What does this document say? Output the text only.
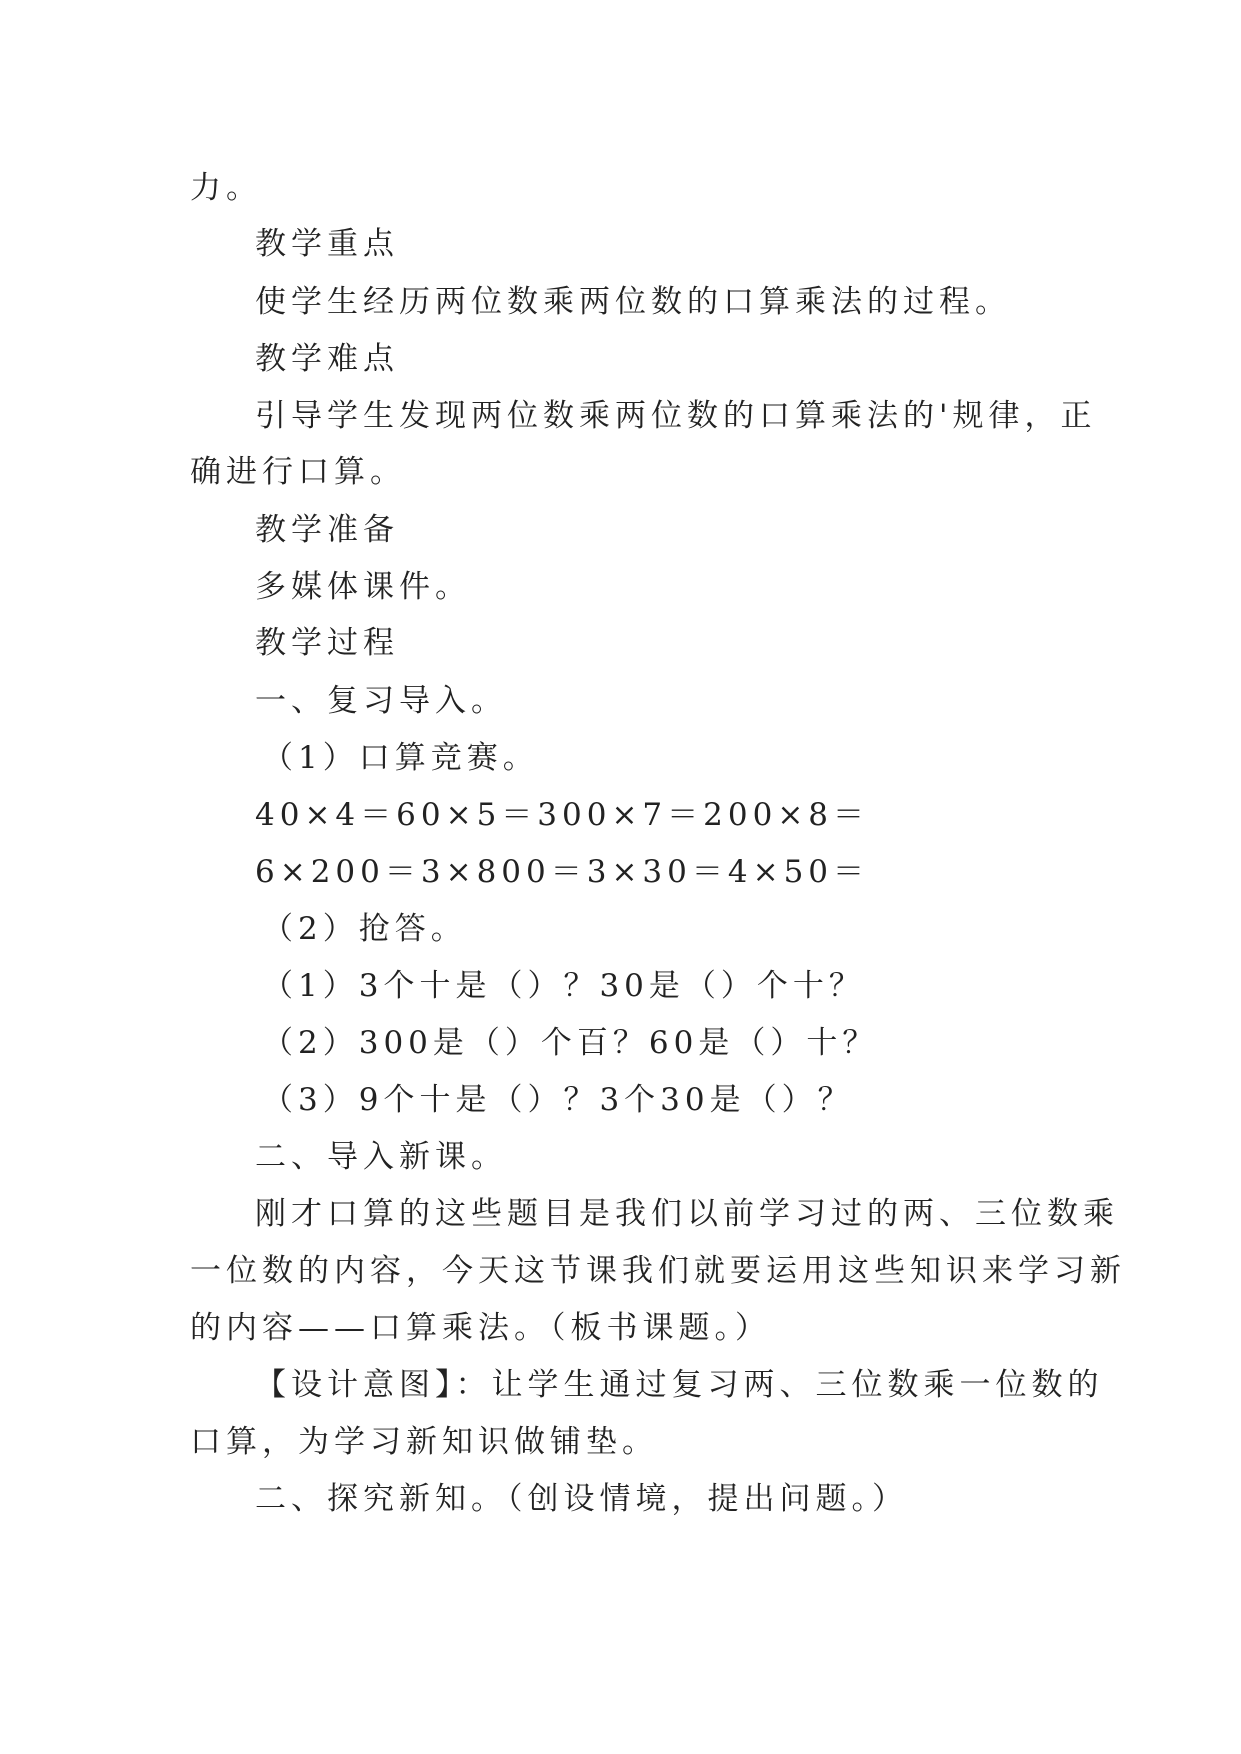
力。
教学重点
使学生经历两位数乘两位数的口算乘法的过程。
教学难点
引导学生发现两位数乘两位数的口算乘法的'规律，正
确进行口算。
教学准备
多媒体课件。
教学过程
一、复习导入。
（1）口算竞赛。
40×4＝60×5＝300×7＝200×8＝
6×200＝3×800＝3×30＝4×50＝
（2）抢答。
（1）3个十是（）？30是（）个十？
（2）300是（）个百？60是（）十？
（3）9个十是（）？3个30是（）？
二、导入新课。
刚才口算的这些题目是我们以前学习过的两、三位数乘
一位数的内容，今天这节课我们就要运用这些知识来学习新
的内容——口算乘法。（板书课题。）
【设计意图】：让学生通过复习两、三位数乘一位数的
口算，为学习新知识做铺垫。
二、探究新知。（创设情境，提出问题。）
